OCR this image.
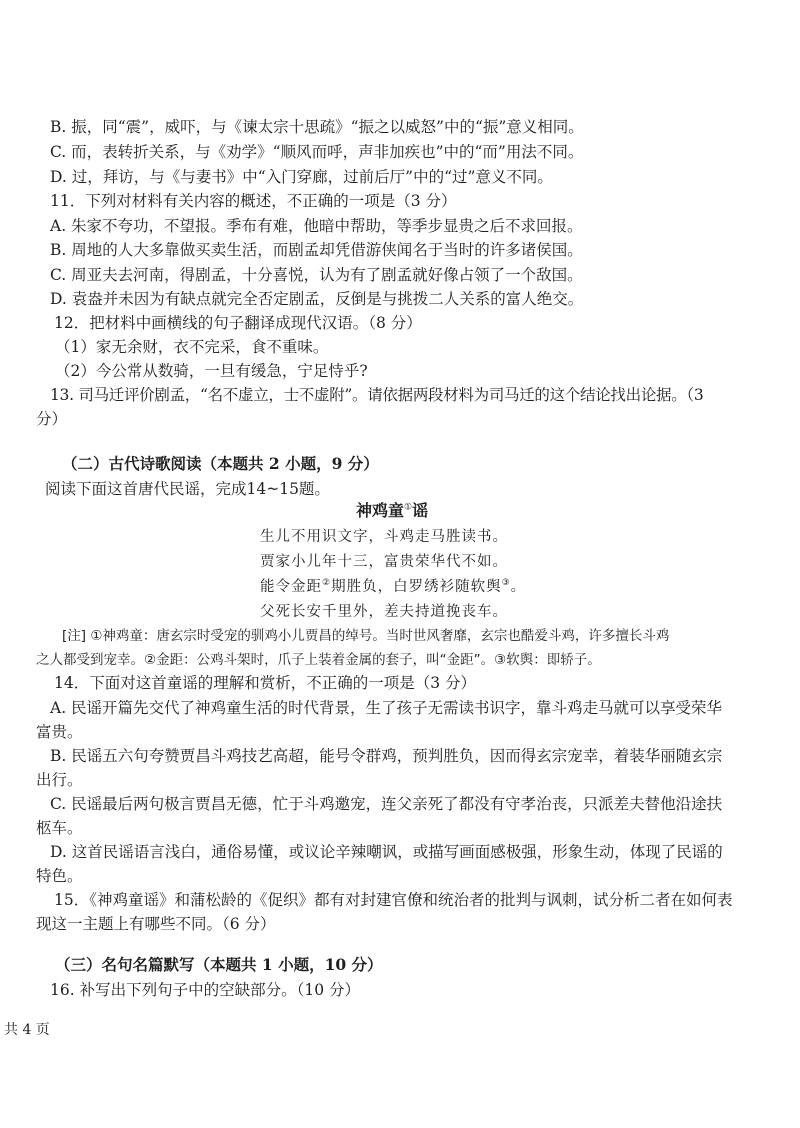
B. 振，同“震”，威吓，与《谏太宗十思疏》“振之以威怒”中的“振”意义相同。
C. 而，表转折关系，与《劝学》“顺风而呼，声非加疾也”中的“而”用法不同。
D. 过，拜访，与《与妻书》中“入门穿廊，过前后厅”中的“过”意义不同。
11．下列对材料有关内容的概述，不正确的一项是（3 分）
A. 朱家不夸功，不望报。季布有难，他暗中帮助，等季步显贵之后不求回报。
B. 周地的人大多靠做买卖生活，而剧孟却凭借游侠闻名于当时的许多诸侯国。
C. 周亚夫去河南，得剧孟，十分喜悦，认为有了剧孟就好像占领了一个敌国。
D. 袁盎并未因为有缺点就完全否定剧孟，反倒是与挑拨二人关系的富人绝交。
12．把材料中画横线的句子翻译成现代汉语。（8 分）
（1）家无余财，衣不完采，食不重味。
（2）今公常从数骑，一旦有缓急，宁足恃乎?
13. 司马迁评价剧孟，“名不虚立，士不虚附”。请依据两段材料为司马迁的这个结论找出论据。（3
分）
（二）古代诗歌阅读（本题共 2 小题，9 分）
阅读下面这首唐代民谣，完成14~15题。
神鸡童①谣
生儿不用识文字，斗鸡走马胜读书。
贾家小儿年十三，富贵荣华代不如。
能令金距②期胜负，白罗绣衫随软舆③。
父死长安千里外，差夫持道挽丧车。
[注] ①神鸡童：唐玄宗时受宠的驯鸡小儿贾昌的绰号。当时世风奢靡，玄宗也酷爱斗鸡，许多擅长斗鸡
之人都受到宠幸。②金距：公鸡斗架时，爪子上装着金属的套子，叫“金距”。③软舆：即轿子。
14．下面对这首童谣的理解和赏析，不正确的一项是（3 分）
A. 民谣开篇先交代了神鸡童生活的时代背景，生了孩子无需读书识字，靠斗鸡走马就可以享受荣华
富贵。
B. 民谣五六句夸赞贾昌斗鸡技艺高超，能号令群鸡，预判胜负，因而得玄宗宠幸，着装华丽随玄宗
出行。
C. 民谣最后两句极言贾昌无德，忙于斗鸡邀宠，连父亲死了都没有守孝治丧，只派差夫替他沿途扶
柩车。
D. 这首民谣语言浅白，通俗易懂，或议论辛辣嘲讽，或描写画面感极强，形象生动，体现了民谣的
特色。
15．《神鸡童谣》和蒲松龄的《促织》都有对封建官僚和统治者的批判与讽刺，试分析二者在如何表
现这一主题上有哪些不同。（6 分）
（三）名句名篇默写（本题共 1 小题，10 分）
16. 补写出下列句子中的空缺部分。（10 分）
共 4 页
